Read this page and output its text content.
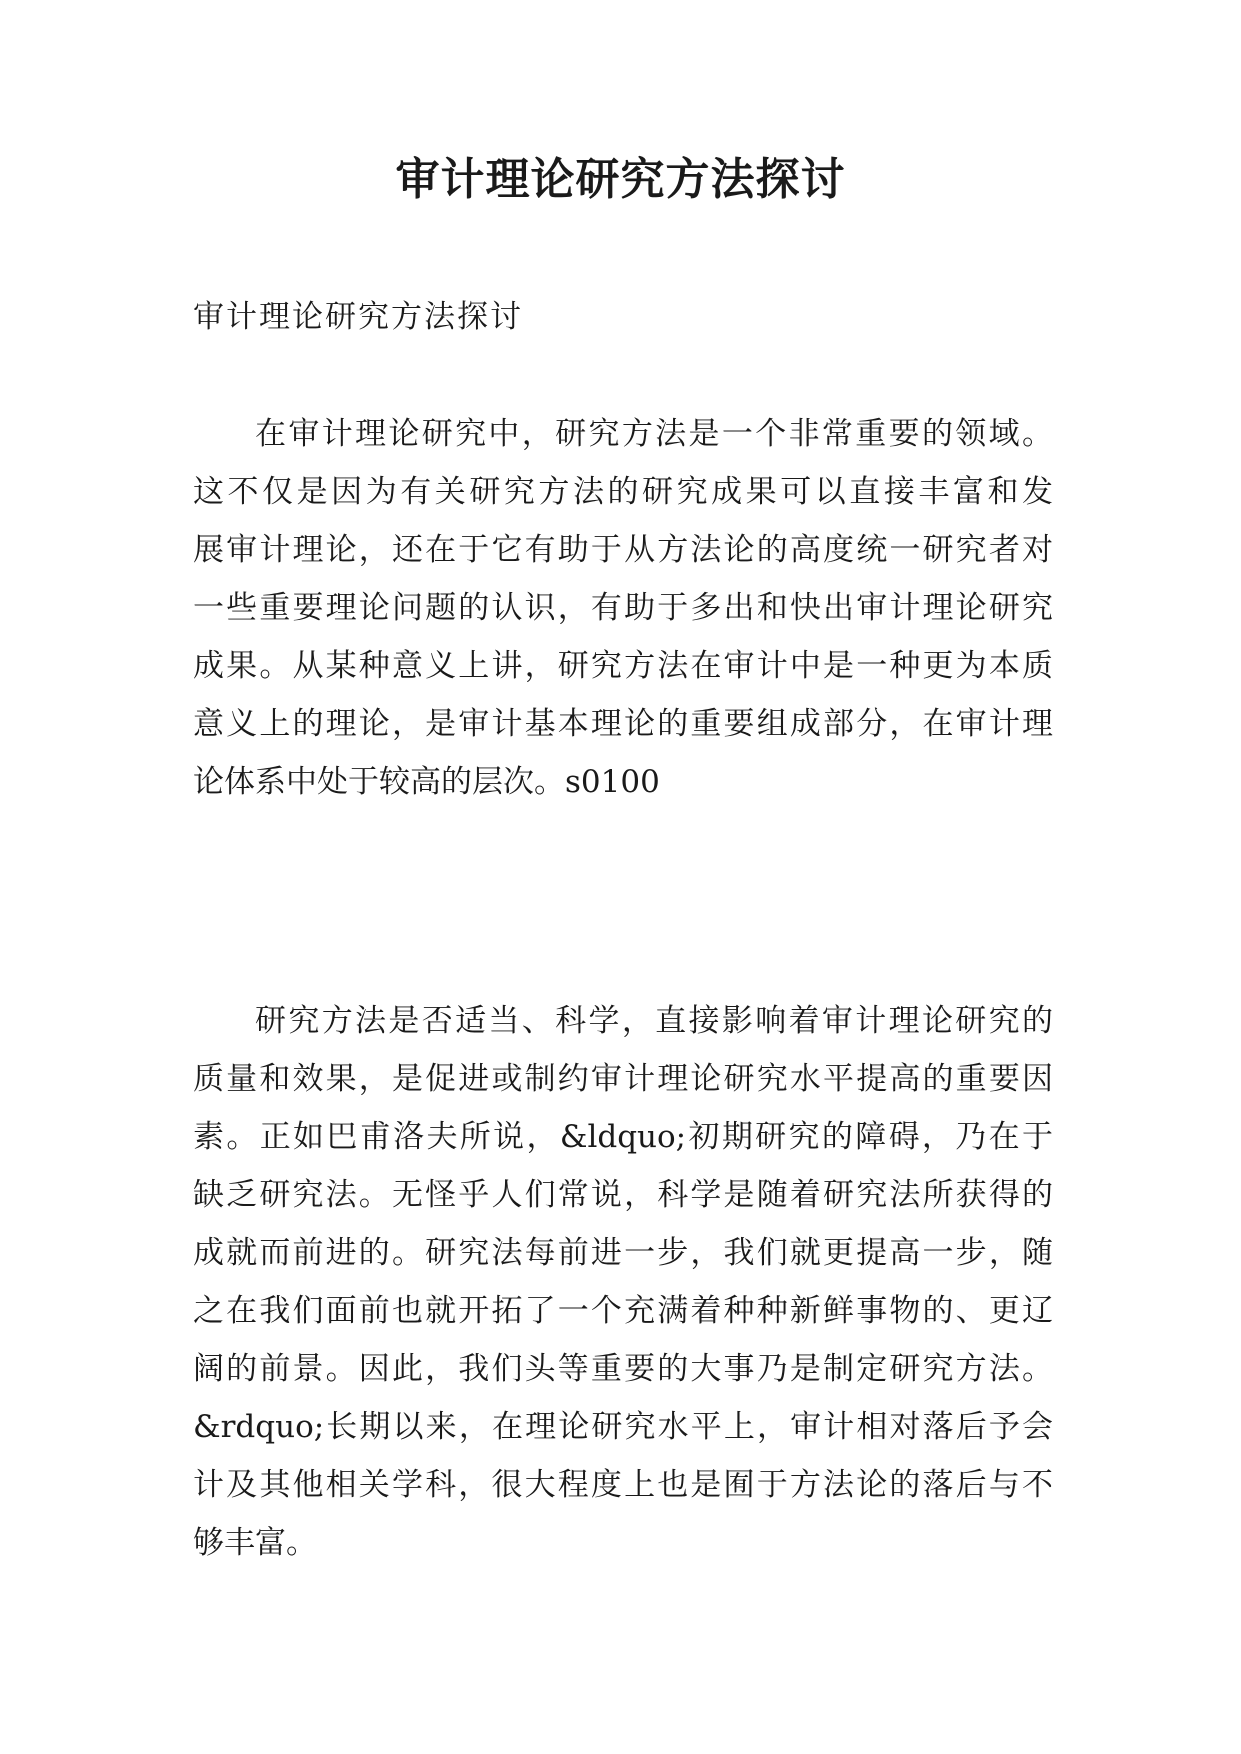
审计理论研究方法探讨

审计理论研究方法探讨

在审计理论研究中，研究方法是一个非常重要的领域。
这不仅是因为有关研究方法的研究成果可以直接丰富和发
展审计理论，还在于它有助于从方法论的高度统一研究者对
一些重要理论问题的认识，有助于多出和快出审计理论研究
成果。从某种意义上讲，研究方法在审计中是一种更为本质
意义上的理论，是审计基本理论的重要组成部分，在审计理
论体系中处于较高的层次。s0100
研究方法是否适当、科学，直接影响着审计理论研究的
质量和效果，是促进或制约审计理论研究水平提高的重要因
素。正如巴甫洛夫所说，&ldquo;初期研究的障碍，乃在于
缺乏研究法。无怪乎人们常说，科学是随着研究法所获得的
成就而前进的。研究法每前进一步，我们就更提高一步，随
之在我们面前也就开拓了一个充满着种种新鲜事物的、更辽
阔的前景。因此，我们头等重要的大事乃是制定研究方法。
&rdquo;长期以来，在理论研究水平上，审计相对落后予会
计及其他相关学科，很大程度上也是囿于方法论的落后与不
够丰富。
